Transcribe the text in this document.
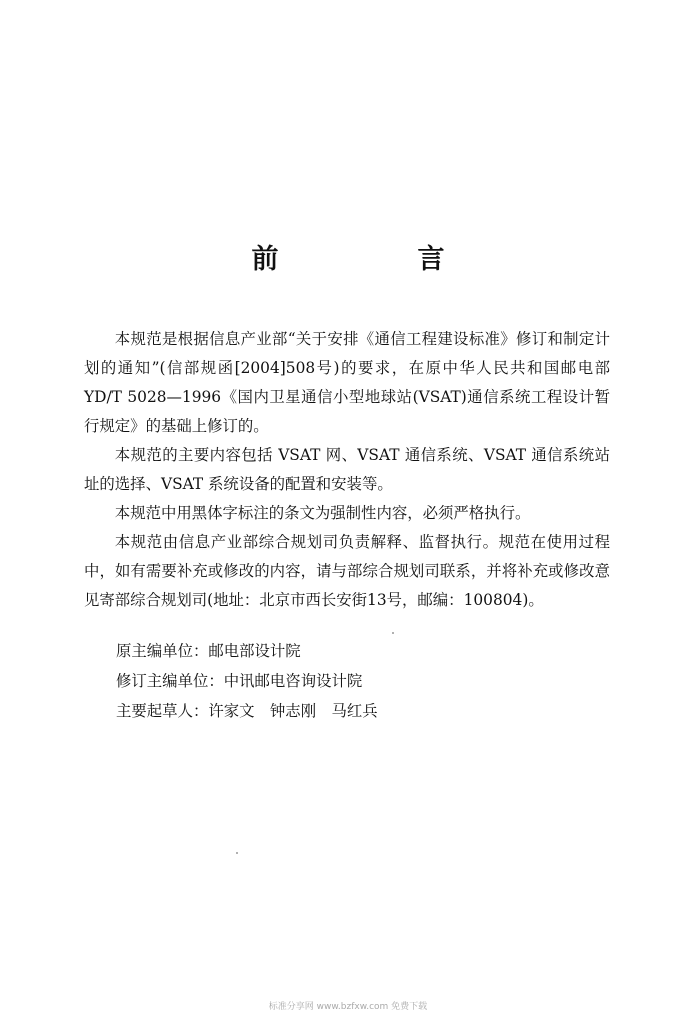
前　言

本规范是根据信息产业部“关于安排《通信工程建设标准》修订和制定计划的通知”(信部规函[2004]508号)的要求，在原中华人民共和国邮电部 YD/T 5028—1996《国内卫星通信小型地球站(VSAT)通信系统工程设计暂行规定》的基础上修订的。

本规范的主要内容包括 VSAT 网、VSAT 通信系统、VSAT 通信系统站址的选择、VSAT 系统设备的配置和安装等。

本规范中用黑体字标注的条文为强制性内容，必须严格执行。

本规范由信息产业部综合规划司负责解释、监督执行。规范在使用过程中，如有需要补充或修改的内容，请与部综合规划司联系，并将补充或修改意见寄部综合规划司(地址：北京市西长安街13号，邮编：100804)。

原主编单位：邮电部设计院
修订主编单位：中讯邮电咨询设计院
主要起草人：许家文　钟志刚　马红兵
标准分享网 www.bzfxw.com 免费下载
